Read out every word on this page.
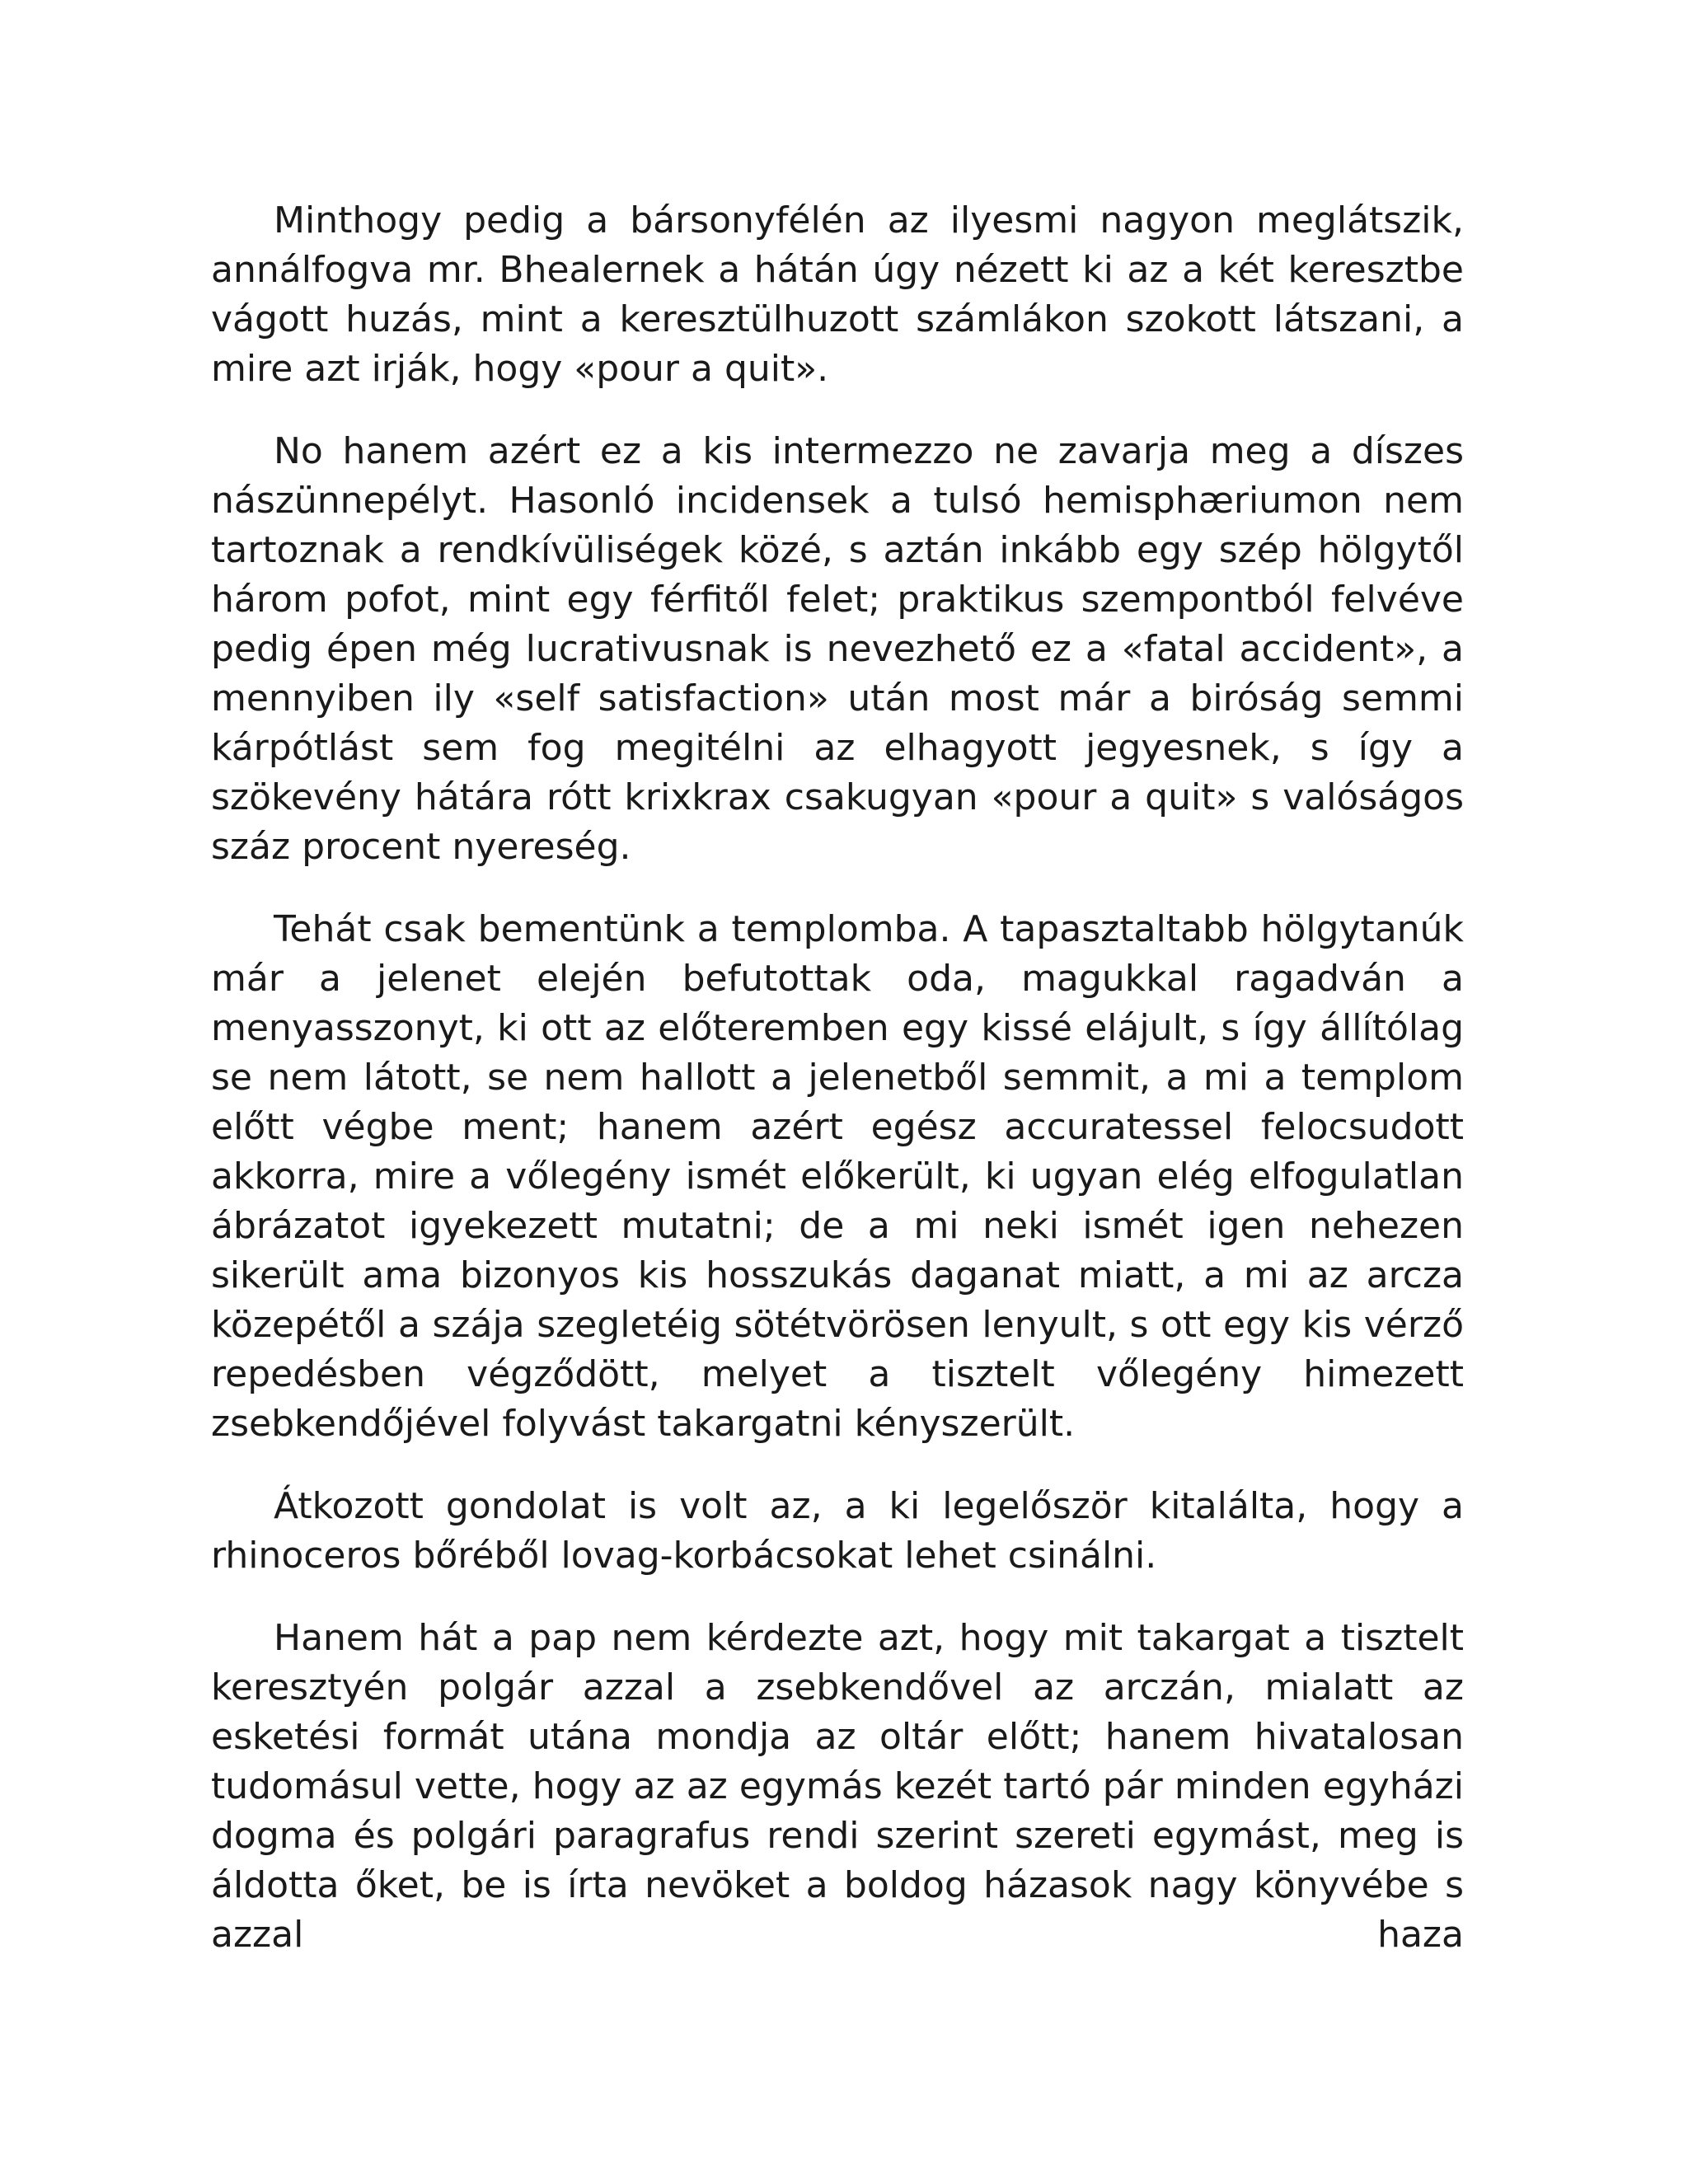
Minthogy pedig a bársonyfélén az ilyesmi nagyon meglátszik, annálfogva mr. Bhealernek a hátán úgy nézett ki az a két keresztbe vágott huzás, mint a keresztülhuzott számlákon szokott látszani, a mire azt irják, hogy «pour a quit».

No hanem azért ez a kis intermezzo ne zavarja meg a díszes nászünnepélyt. Hasonló incidensek a tulsó hemisphæriumon nem tartoznak a rendkívüliségek közé, s aztán inkább egy szép hölgytől három pofot, mint egy férfitől felet; praktikus szempontból felvéve pedig épen még lucrativusnak is nevezhető ez a «fatal accident», a mennyiben ily «self satisfaction» után most már a biróság semmi kárpótlást sem fog megitélni az elhagyott jegyesnek, s így a szökevény hátára rótt krixkrax csakugyan «pour a quit» s valóságos száz procent nyereség.

Tehát csak bementünk a templomba. A tapasztaltabb hölgytanúk már a jelenet elején befutottak oda, magukkal ragadván a menyasszonyt, ki ott az előteremben egy kissé elájult, s így állítólag se nem látott, se nem hallott a jelenetből semmit, a mi a templom előtt végbe ment; hanem azért egész accuratessel felocsudott akkorra, mire a vőlegény ismét előkerült, ki ugyan elég elfogulatlan ábrázatot igyekezett mutatni; de a mi neki ismét igen nehezen sikerült ama bizonyos kis hosszukás daganat miatt, a mi az arcza közepétől a szája szegletéig sötétvörösen lenyult, s ott egy kis vérző repedésben végződött, melyet a tisztelt vőlegény himezett zsebkendőjével folyvást takargatni kényszerült.

Átkozott gondolat is volt az, a ki legelőször kitalálta, hogy a rhinoceros bőréből lovag-korbácsokat lehet csinálni.

Hanem hát a pap nem kérdezte azt, hogy mit takargat a tisztelt keresztyén polgár azzal a zsebkendővel az arczán, mialatt az esketési formát utána mondja az oltár előtt; hanem hivatalosan tudomásul vette, hogy az az egymás kezét tartó pár minden egyházi dogma és polgári paragrafus rendi szerint szereti egymást, meg is áldotta őket, be is írta nevöket a boldog házasok nagy könyvébe s azzal haza
